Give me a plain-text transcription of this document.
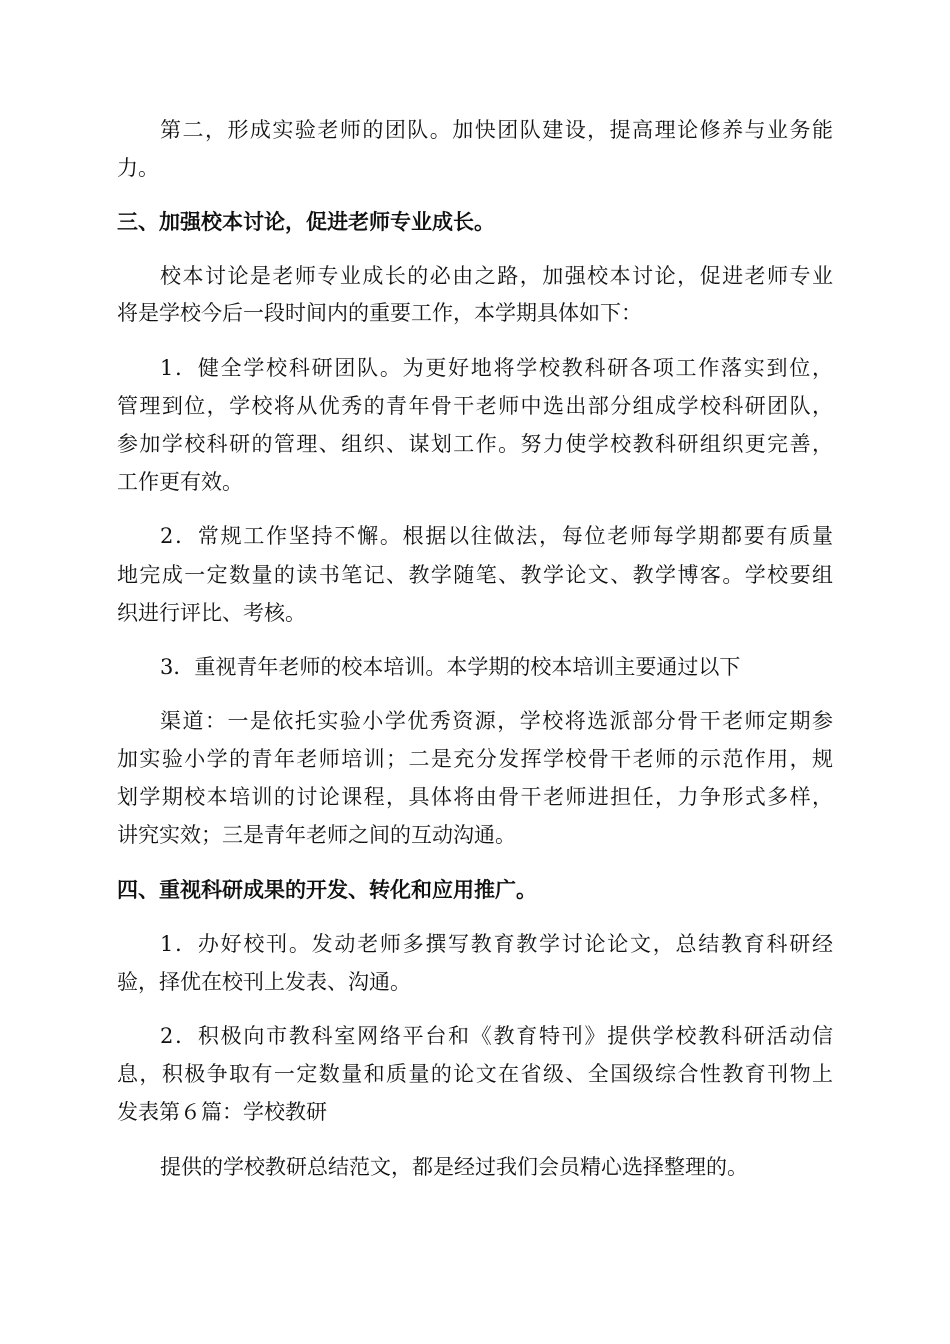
第二，形成实验老师的团队。加快团队建设，提高理论修养与业务能
力。
三、加强校本讨论，促进老师专业成长。
校本讨论是老师专业成长的必由之路，加强校本讨论，促进老师专业
将是学校今后一段时间内的重要工作，本学期具体如下：
1．健全学校科研团队。为更好地将学校教科研各项工作落实到位，
管理到位，学校将从优秀的青年骨干老师中选出部分组成学校科研团队，
参加学校科研的管理、组织、谋划工作。努力使学校教科研组织更完善，
工作更有效。
2．常规工作坚持不懈。根据以往做法，每位老师每学期都要有质量
地完成一定数量的读书笔记、教学随笔、教学论文、教学博客。学校要组
织进行评比、考核。
3．重视青年老师的校本培训。本学期的校本培训主要通过以下
渠道：一是依托实验小学优秀资源，学校将选派部分骨干老师定期参
加实验小学的青年老师培训；二是充分发挥学校骨干老师的示范作用，规
划学期校本培训的讨论课程，具体将由骨干老师进担任，力争形式多样，
讲究实效；三是青年老师之间的互动沟通。
四、重视科研成果的开发、转化和应用推广。
1．办好校刊。发动老师多撰写教育教学讨论论文，总结教育科研经
验，择优在校刊上发表、沟通。
2．积极向市教科室网络平台和《教育特刊》提供学校教科研活动信
息，积极争取有一定数量和质量的论文在省级、全国级综合性教育刊物上
发表第６篇：学校教研
提供的学校教研总结范文，都是经过我们会员精心选择整理的。
